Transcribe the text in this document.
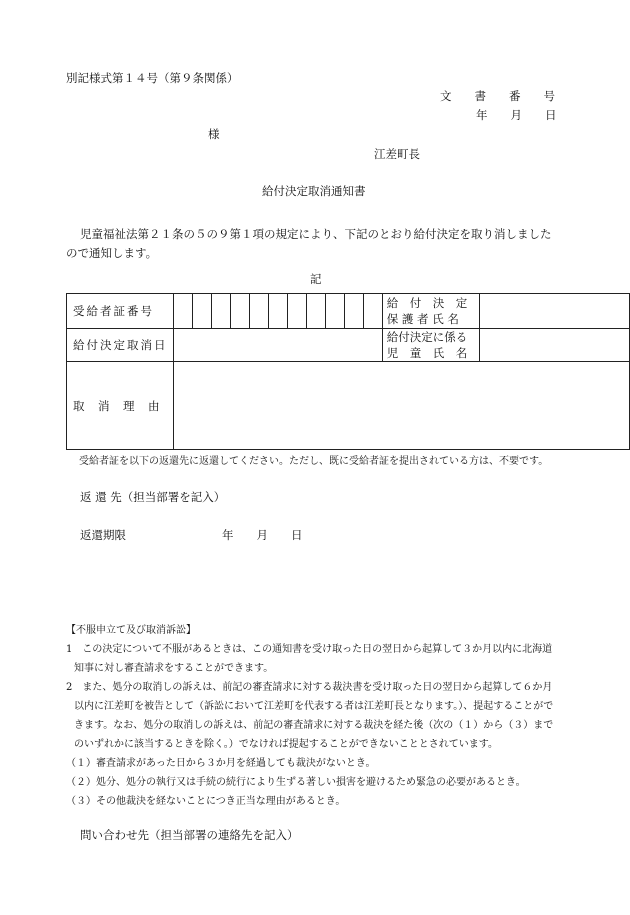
別記様式第１４号（第９条関係）
文　　書　　番　　号
年　　月　　日
様
江差町長
給付決定取消通知書
児童福祉法第２１条の５の９第１項の規定により、下記のとおり給付決定を取り消しました
ので通知します。
記
受給者証番号		給　付　決　定
保 護 者 氏 名	

給付決定取消日		給付決定に係る
児　童　氏　名	

取　消　理　由			
受給者証を以下の返還先に返還してください。ただし、既に受給者証を提出されている方は、不要です。
返 還 先（担当部署を記入）
返還期限	年　　月　　日
【不服申立て及び取消訴訟】
1　この決定について不服があるときは、この通知書を受け取った日の翌日から起算して３か月以内に北海道
知事に対し審査請求をすることができます。
2　また、処分の取消しの訴えは、前記の審査請求に対する裁決書を受け取った日の翌日から起算して６か月
以内に江差町を被告として（訴訟において江差町を代表する者は江差町長となります。）、提起することがで
きます。なお、処分の取消しの訴えは、前記の審査請求に対する裁決を経た後（次の（１）から（３）まで
のいずれかに該当するときを除く。）でなければ提起することができないこととされています。
（１）審査請求があった日から３か月を経過しても裁決がないとき。
（２）処分、処分の執行又は手続の続行により生ずる著しい損害を避けるため緊急の必要があるとき。
（３）その他裁決を経ないことにつき正当な理由があるとき。
問い合わせ先（担当部署の連絡先を記入）
